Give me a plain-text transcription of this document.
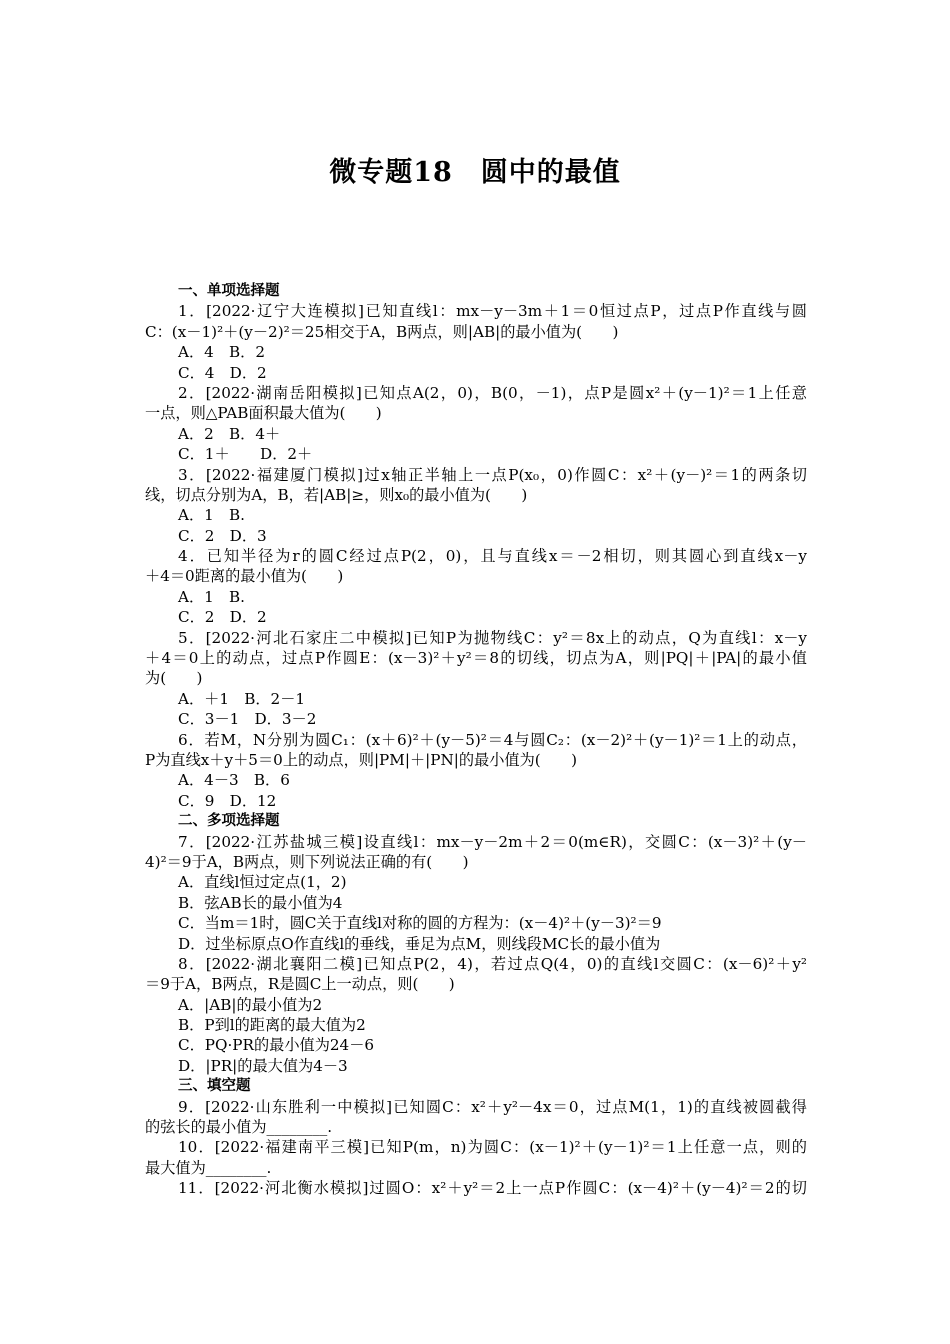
微专题18　圆中的最值
一、单项选择题
1．[2022·辽宁大连模拟]已知直线l：mx－y－3m＋1＝0恒过点P，过点P作直线与圆
C：(x－1)²＋(y－2)²＝25相交于A，B两点，则|AB|的最小值为(　　)
A．4　B．2
C．4　D．2
2．[2022·湖南岳阳模拟]已知点A(2，0)，B(0，－1)，点P是圆x²＋(y－1)²＝1上任意
一点，则△PAB面积最大值为(　　)
A．2　B．4＋
C．1＋　　D．2＋
3．[2022·福建厦门模拟]过x轴正半轴上一点P(x₀，0)作圆C：x²＋(y－)²＝1的两条切
线，切点分别为A，B，若|AB|≥，则x₀的最小值为(　　)
A．1　B.
C．2　D．3
4．已知半径为r的圆C经过点P(2，0)，且与直线x＝－2相切，则其圆心到直线x－y
＋4＝0距离的最小值为(　　)
A．1　B.
C．2　D．2
5．[2022·河北石家庄二中模拟]已知P为抛物线C：y²＝8x上的动点，Q为直线l：x－y
＋4＝0上的动点，过点P作圆E：(x－3)²＋y²＝8的切线，切点为A，则|PQ|＋|PA|的最小值
为(　　)
A．＋1　B．2－1
C．3－1　D．3－2
6．若M，N分别为圆C₁：(x＋6)²＋(y－5)²＝4与圆C₂：(x－2)²＋(y－1)²＝1上的动点，
P为直线x＋y＋5＝0上的动点，则|PM|＋|PN|的最小值为(　　)
A．4－3　B．6
C．9　D．12
二、多项选择题
7．[2022·江苏盐城三模]设直线l：mx－y－2m＋2＝0(m∈R)，交圆C：(x－3)²＋(y－
4)²＝9于A，B两点，则下列说法正确的有(　　)
A．直线l恒过定点(1，2)
B．弦AB长的最小值为4
C．当m＝1时，圆C关于直线l对称的圆的方程为：(x－4)²＋(y－3)²＝9
D．过坐标原点O作直线l的垂线，垂足为点M，则线段MC长的最小值为
8．[2022·湖北襄阳二模]已知点P(2，4)，若过点Q(4，0)的直线l交圆C：(x－6)²＋y²
＝9于A，B两点，R是圆C上一动点，则(　　)
A．|AB|的最小值为2
B．P到l的距离的最大值为2
C．PQ·PR的最小值为24－6
D．|PR|的最大值为4－3
三、填空题
9．[2022·山东胜利一中模拟]已知圆C：x²＋y²－4x＝0，过点M(1，1)的直线被圆截得
的弦长的最小值为________.
10．[2022·福建南平三模]已知P(m，n)为圆C：(x－1)²＋(y－1)²＝1上任意一点，则的
最大值为________.
11．[2022·河北衡水模拟]过圆O：x²＋y²＝2上一点P作圆C：(x－4)²＋(y－4)²＝2的切
